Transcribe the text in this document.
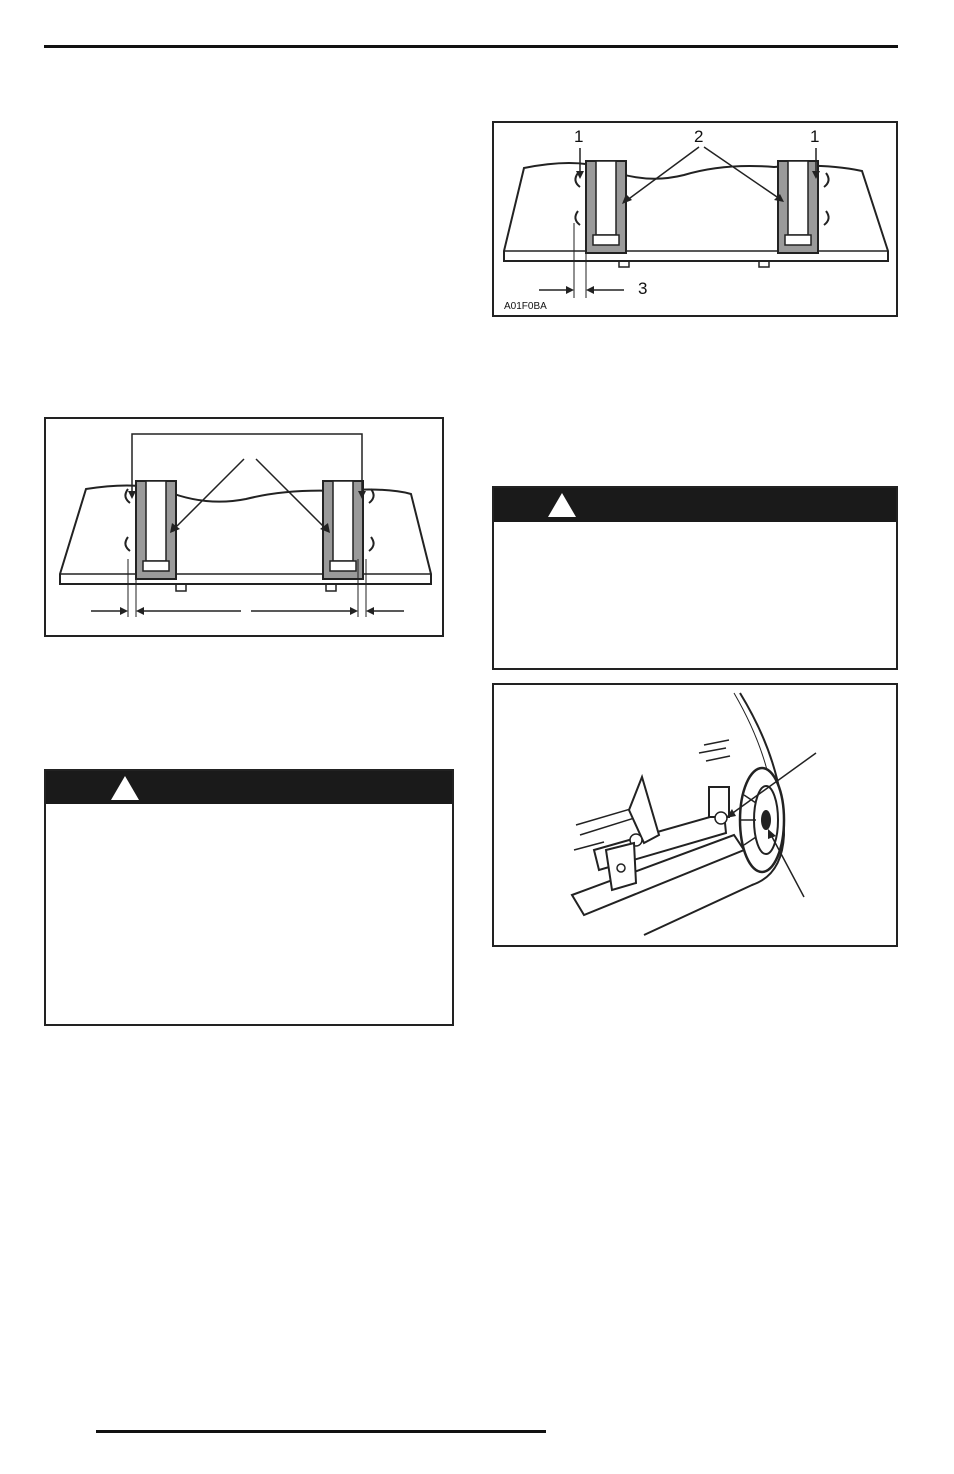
1	2	1
3
A01F0BA
